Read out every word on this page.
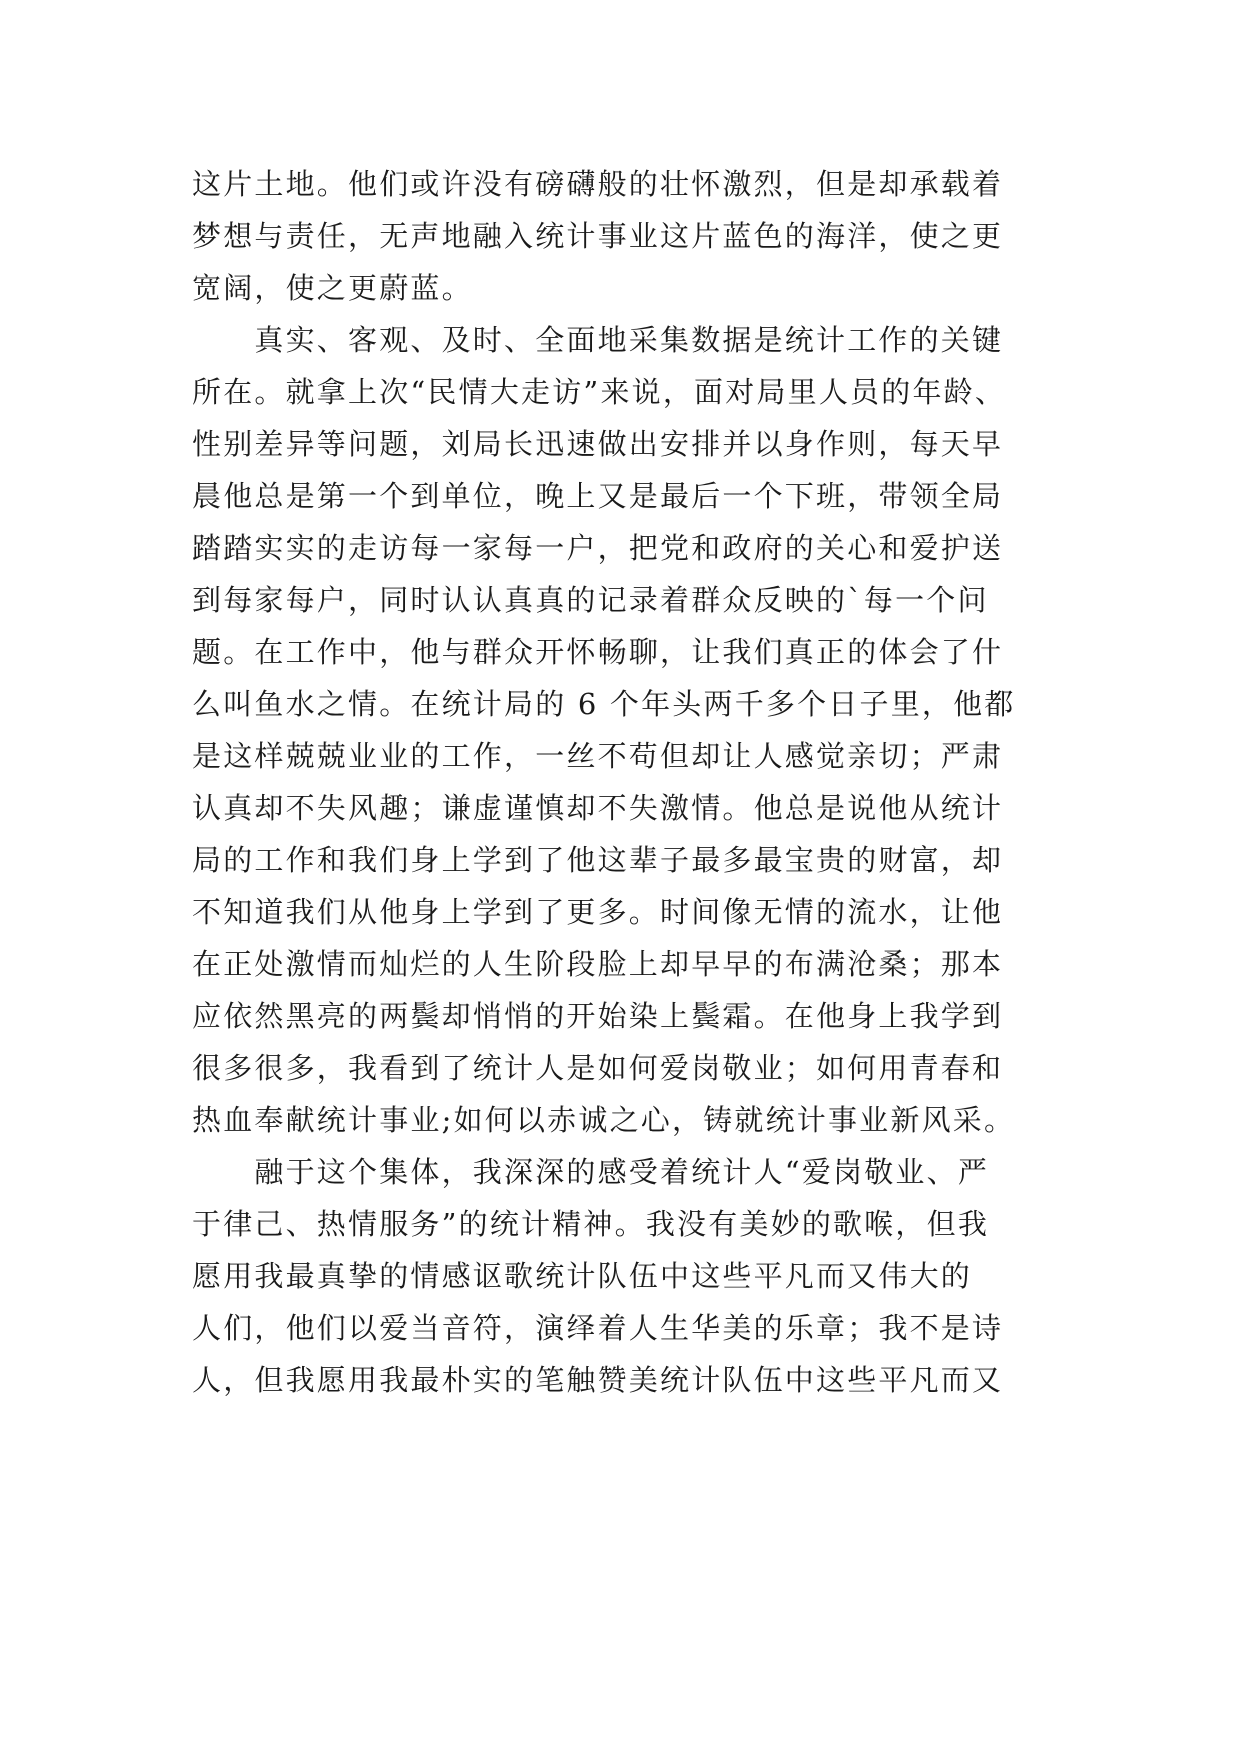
这片土地。他们或许没有磅礴般的壮怀激烈，但是却承载着
梦想与责任，无声地融入统计事业这片蓝色的海洋，使之更
宽阔，使之更蔚蓝。
　　真实、客观、及时、全面地采集数据是统计工作的关键
所在。就拿上次“民情大走访”来说，面对局里人员的年龄、
性别差异等问题，刘局长迅速做出安排并以身作则，每天早
晨他总是第一个到单位，晚上又是最后一个下班，带领全局
踏踏实实的走访每一家每一户，把党和政府的关心和爱护送
到每家每户，同时认认真真的记录着群众反映的`每一个问
题。在工作中，他与群众开怀畅聊，让我们真正的体会了什
么叫鱼水之情。在统计局的 6 个年头两千多个日子里，他都
是这样兢兢业业的工作，一丝不苟但却让人感觉亲切；严肃
认真却不失风趣；谦虚谨慎却不失激情。他总是说他从统计
局的工作和我们身上学到了他这辈子最多最宝贵的财富，却
不知道我们从他身上学到了更多。时间像无情的流水，让他
在正处激情而灿烂的人生阶段脸上却早早的布满沧桑；那本
应依然黑亮的两鬓却悄悄的开始染上鬓霜。在他身上我学到
很多很多，我看到了统计人是如何爱岗敬业；如何用青春和
热血奉献统计事业;如何以赤诚之心，铸就统计事业新风采。
　　融于这个集体，我深深的感受着统计人“爱岗敬业、严
于律己、热情服务”的统计精神。我没有美妙的歌喉，但我
愿用我最真挚的情感讴歌统计队伍中这些平凡而又伟大的
人们，他们以爱当音符，演绎着人生华美的乐章；我不是诗
人，但我愿用我最朴实的笔触赞美统计队伍中这些平凡而又
